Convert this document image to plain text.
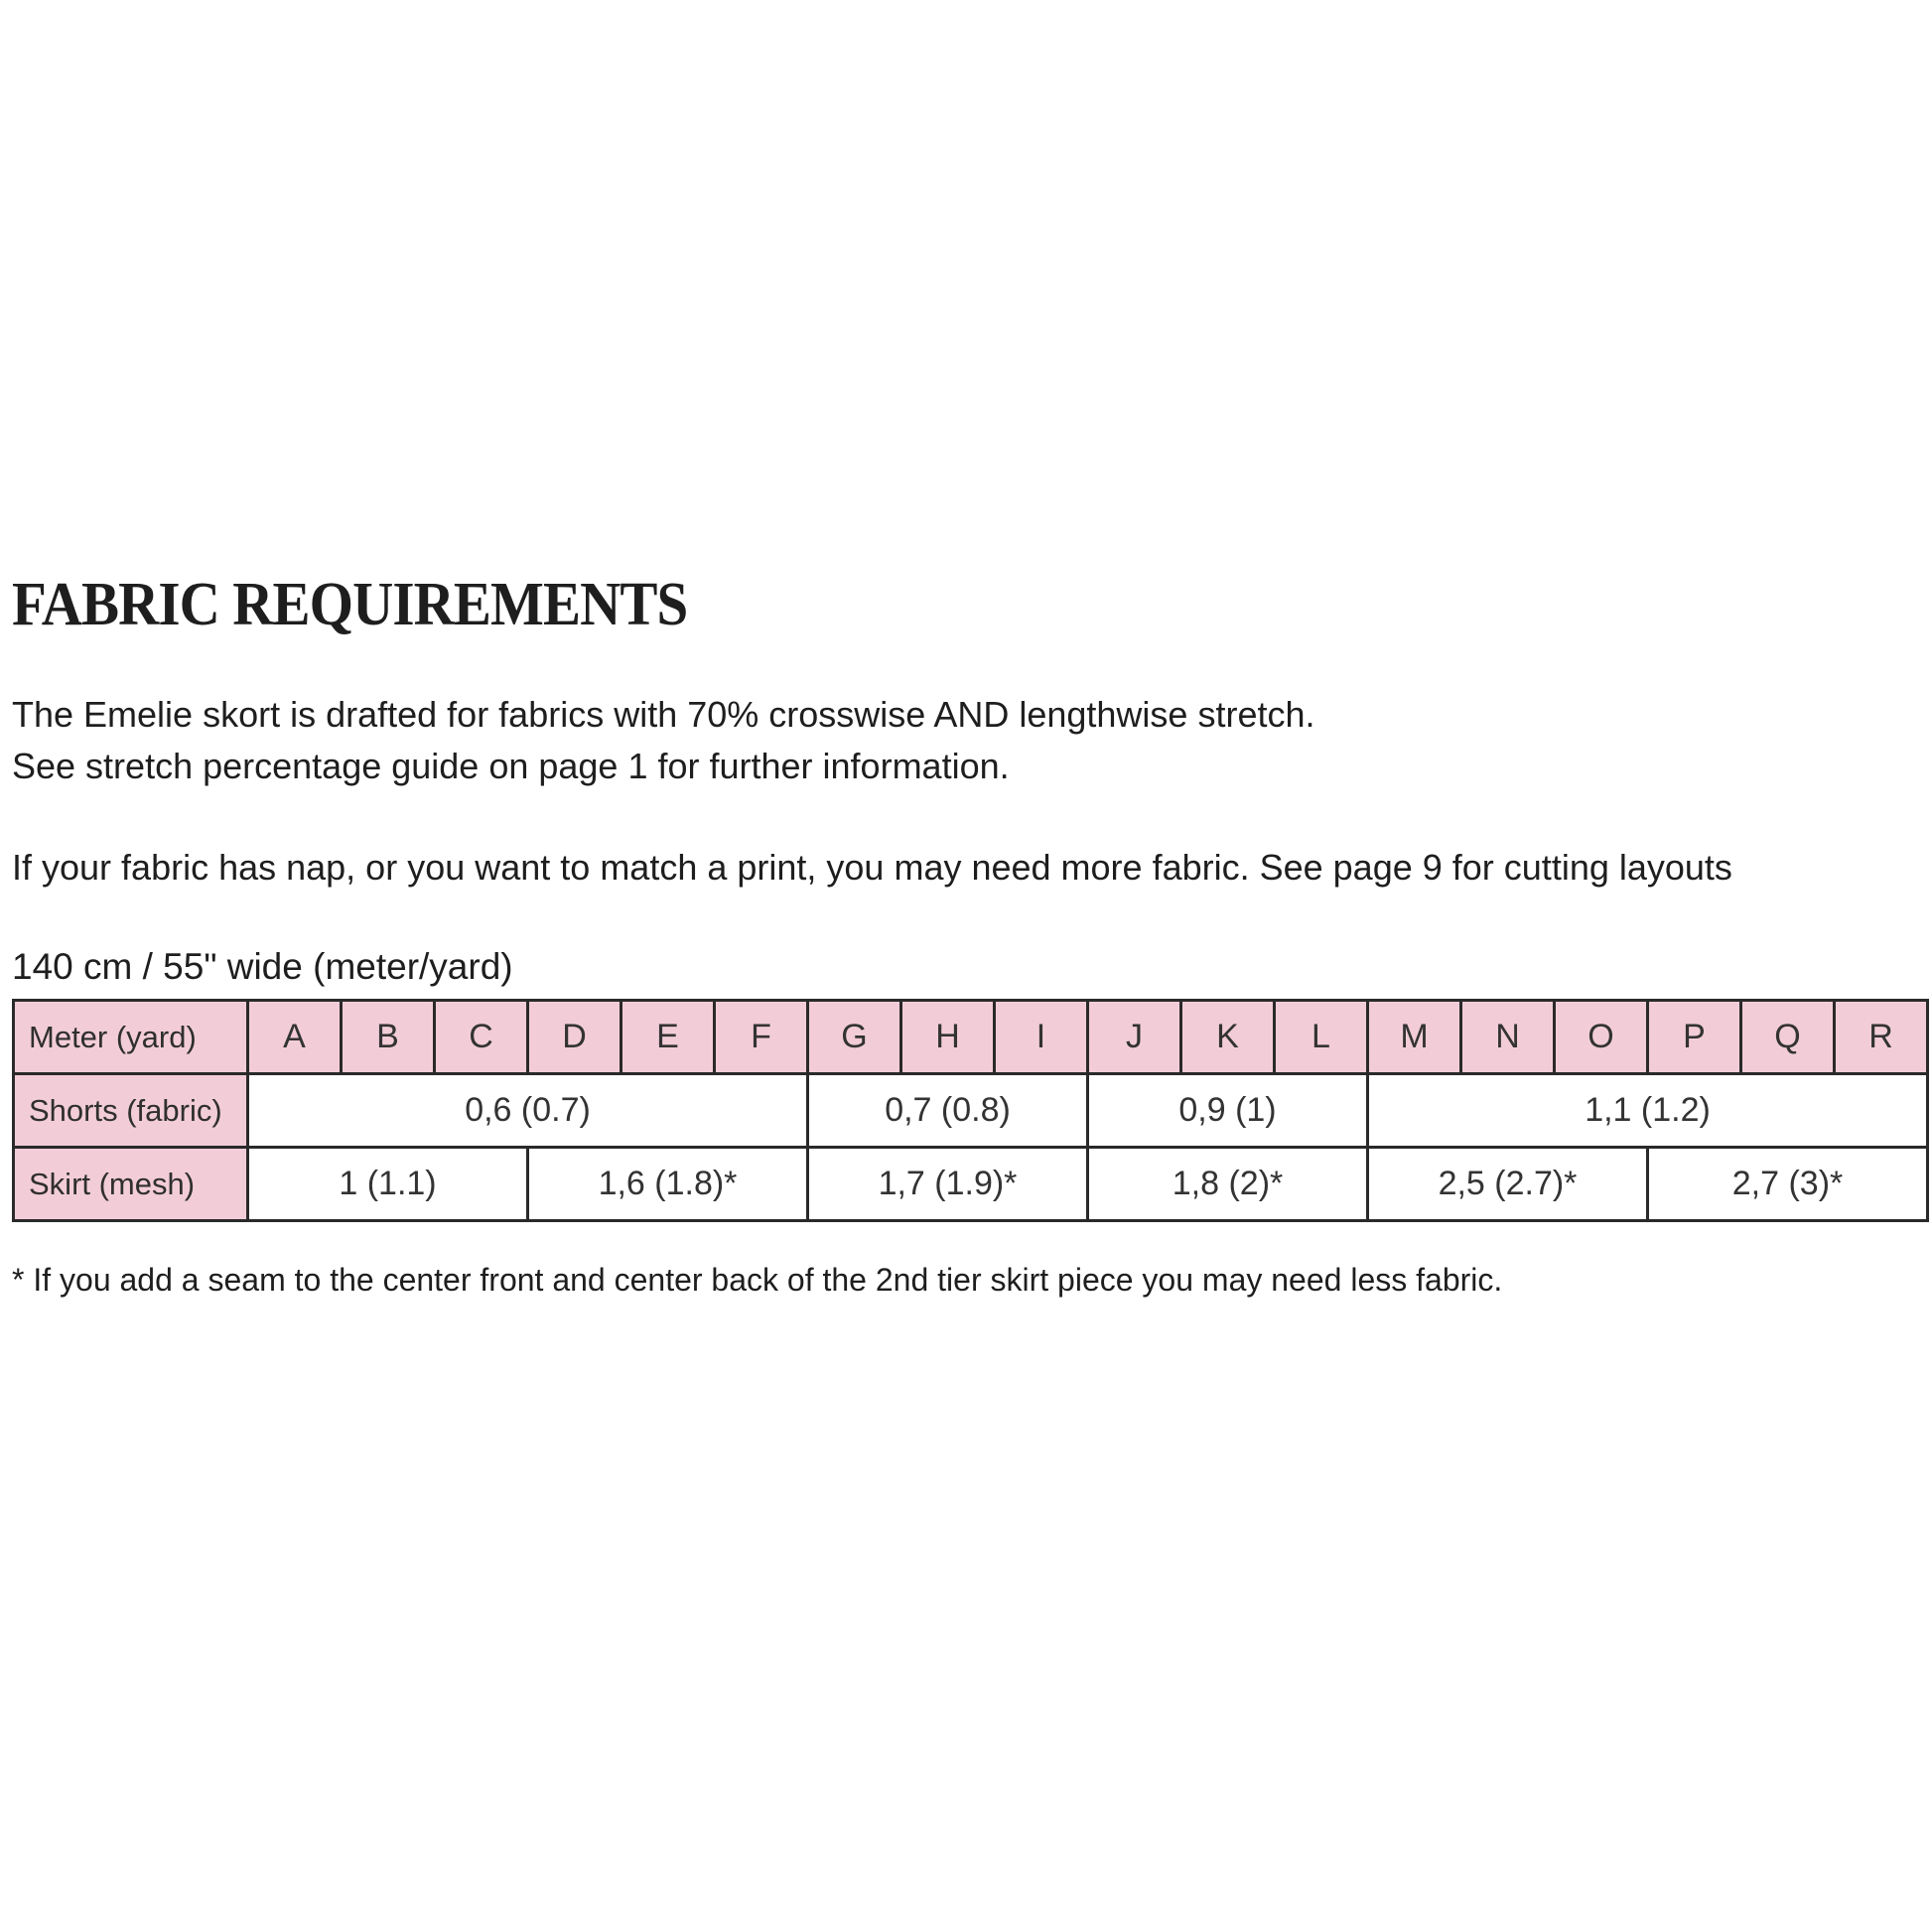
FABRIC REQUIREMENTS
The Emelie skort is drafted for fabrics with 70% crosswise AND lengthwise stretch.
See stretch percentage guide on page 1 for further information.
If your fabric has nap, or you want to match a print, you may need more fabric. See page 9 for cutting layouts
140 cm / 55" wide (meter/yard)
Meter (yard)	A	B	C	D	E	F	G	H	I	J	K	L	M	N	O	P	Q	R
Shorts (fabric)	0,6 (0.7)						0,7 (0.8)			0,9 (1)			1,1 (1.2)					
Skirt (mesh)	1 (1.1)			1,6 (1.8)*			1,7 (1.9)*			1,8 (2)*			2,5 (2.7)*			2,7 (3)*		

* If you add a seam to the center front and center back of the 2nd tier skirt piece you may need less fabric.
